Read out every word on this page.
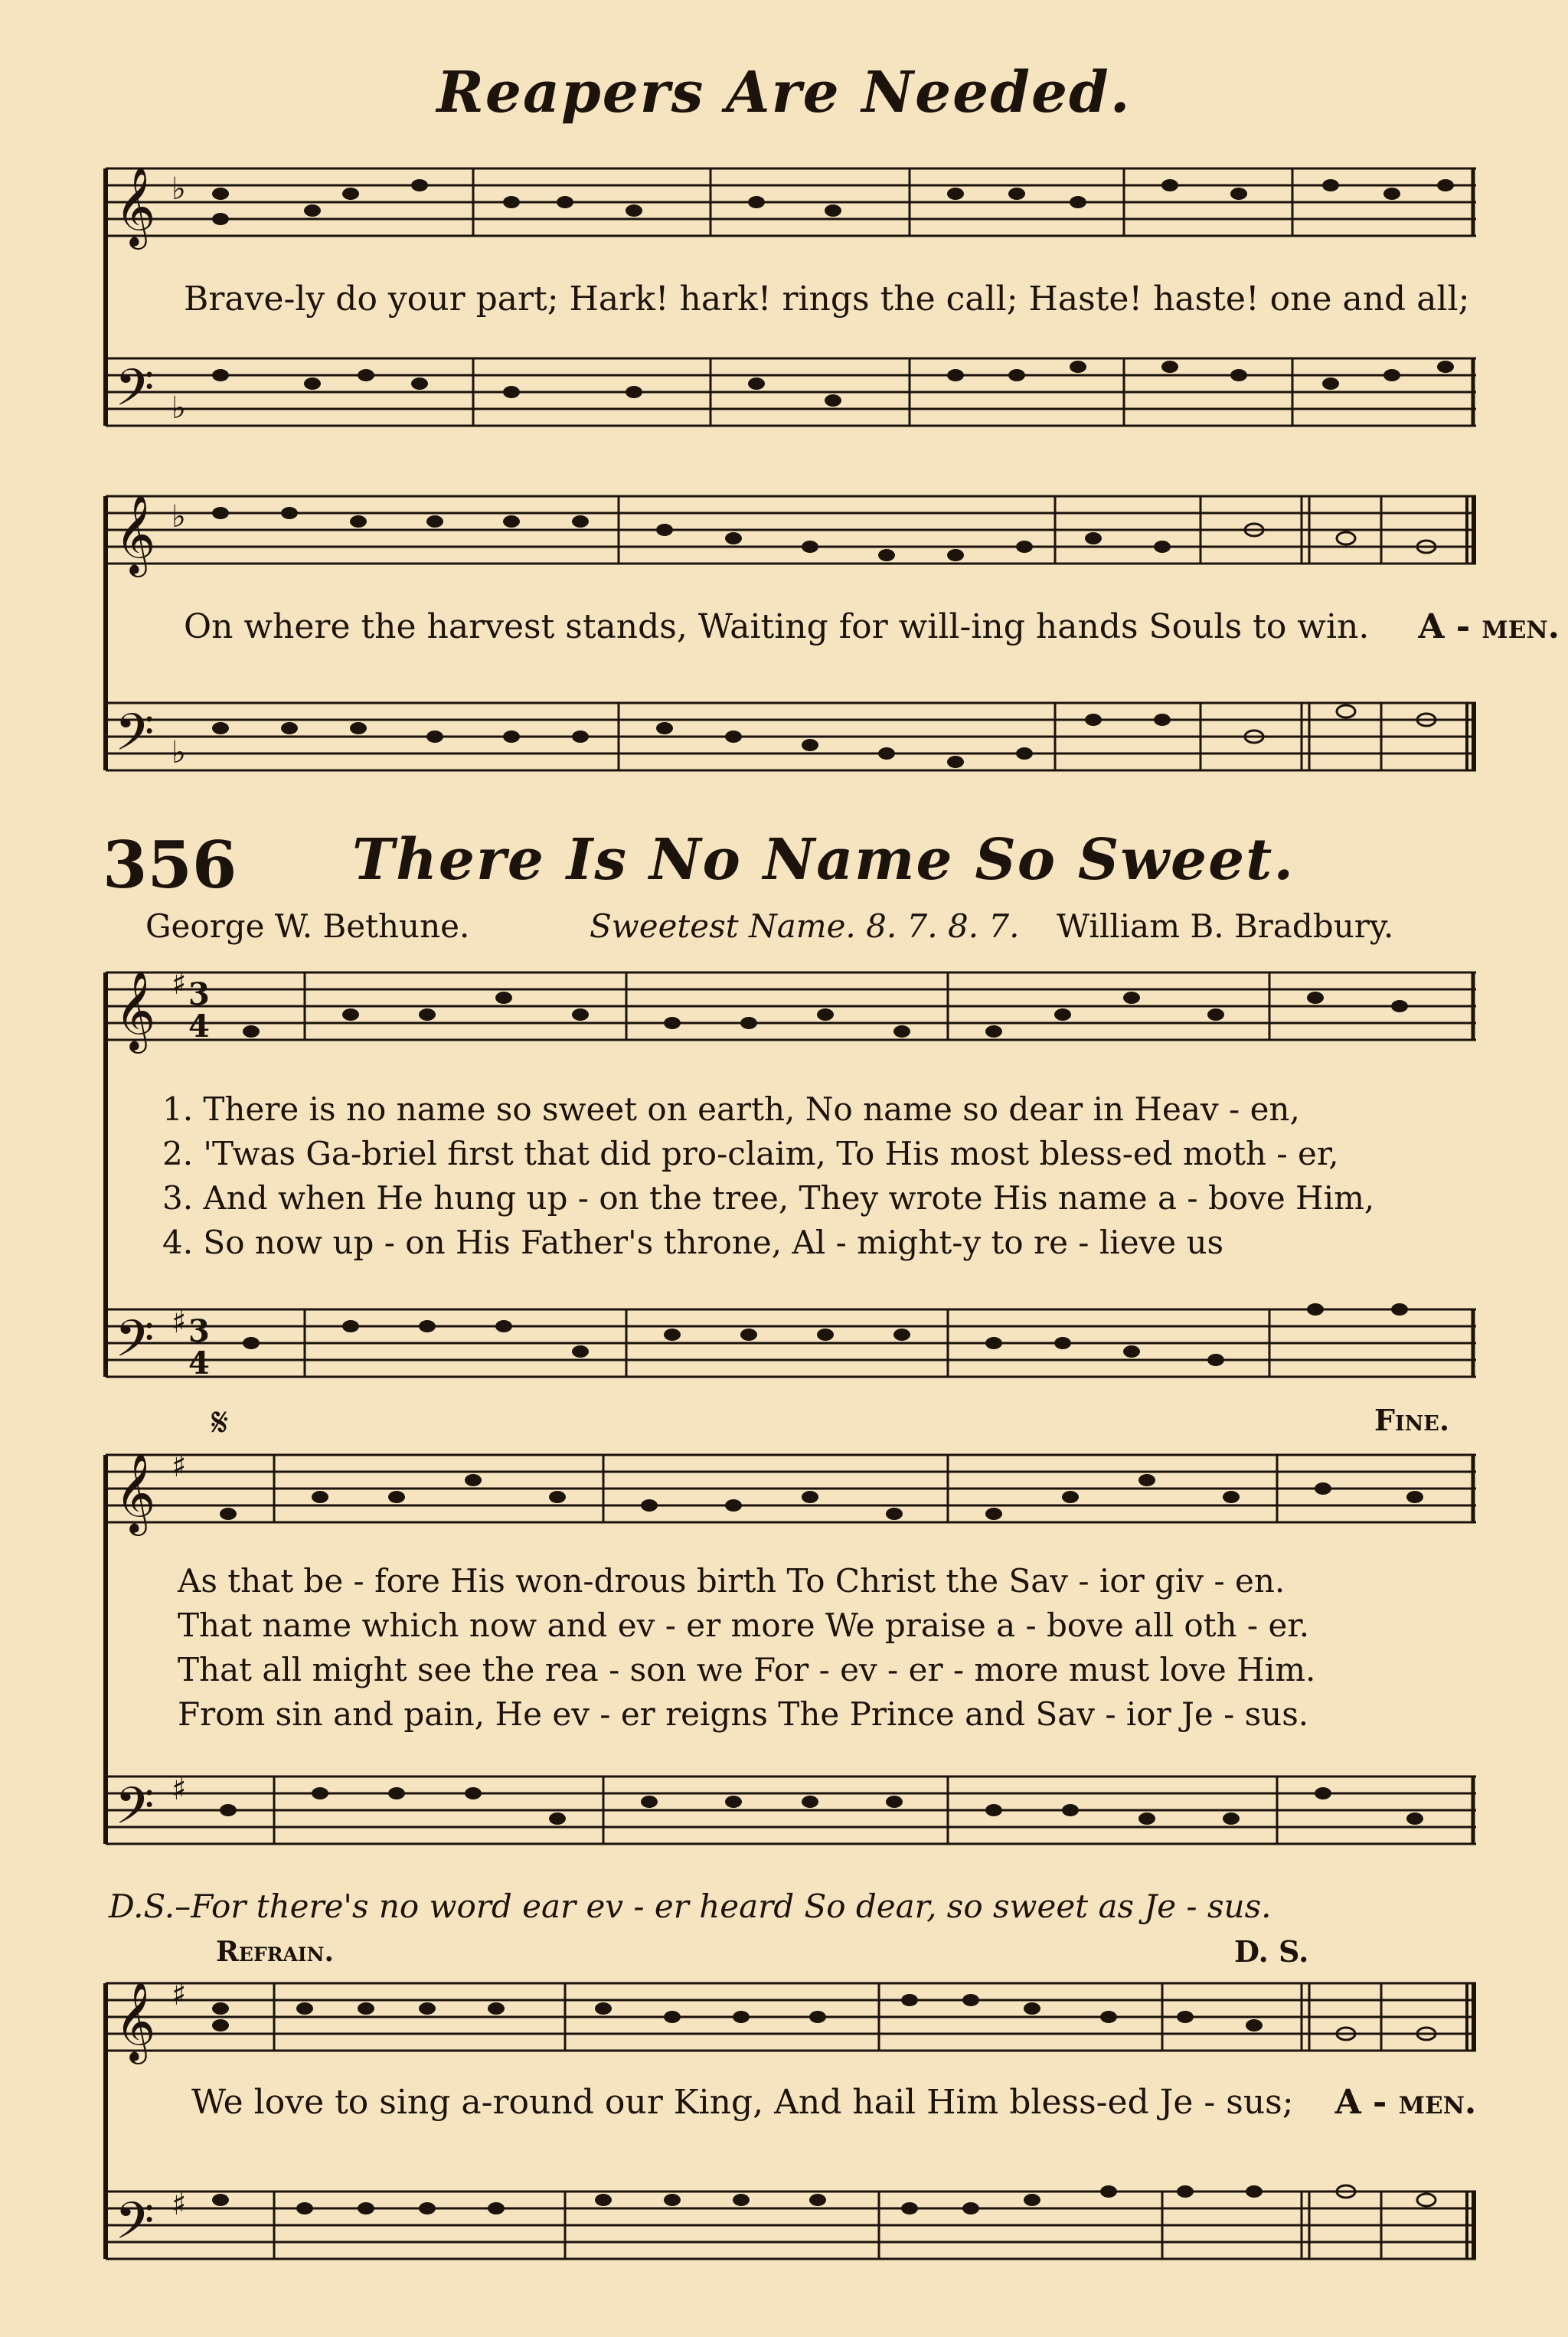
Reapers Are Needed.
𝄞
𝄢
♭
♭
Brave-ly do your part; Hark! hark! rings the call; Haste! haste! one and all;
𝄞
𝄢
♭
♭
On where the harvest stands, Waiting for will-ing hands Souls to win. A - men.
356 There Is No Name So Sweet.
George W. Bethune.	Sweetest Name. 8. 7. 8. 7. William B. Bradbury.
𝄞
𝄢
♯
♯
3
4
3
4
1. There is no name so sweet on earth, No name so dear in Heav - en,
2. 'Twas Ga-briel first that did pro-claim, To His most bless-ed moth - er,
3. And when He hung up - on the tree, They wrote His name a - bove Him,
4. So now up - on His Father's throne, Al - might-y to re - lieve us
𝄋	Fine.
𝄞
𝄢
♯
♯
As that be - fore His won-drous birth To Christ the Sav - ior giv - en.
That name which now and ev - er more We praise a - bove all oth - er.
That all might see the rea - son we For - ev - er - more must love Him.
From sin and pain, He ev - er reigns The Prince and Sav - ior Je - sus.
D.S.–For there's no word ear ev - er heard So dear, so sweet as Je - sus.
Refrain.	D. S.
𝄞
𝄢
♯
♯
We love to sing a-round our King, And hail Him bless-ed Je - sus; A - men.
